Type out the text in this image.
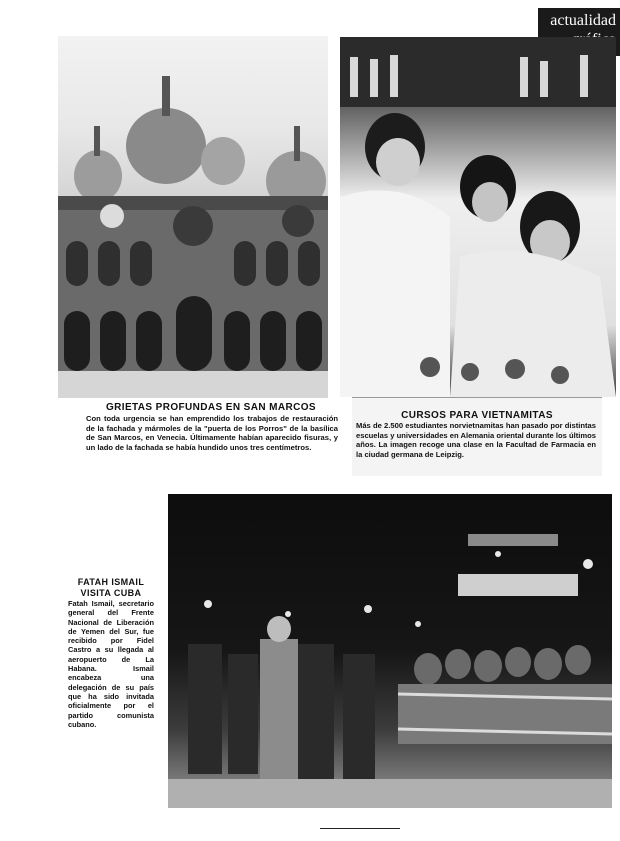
actualidad
GRIETAS PROFUNDAS EN SAN MARCOS
Con toda urgencia se han emprendido los trabajos de restauración de la fachada y mármoles de la "puerta de los Porros" de la basílica de San Marcos, en Venecia. Últimamente habían aparecido fisuras, y un lado de la fachada se había hundido unos tres centímetros.
CURSOS PARA VIETNAMITAS
Más de 2.500 estudiantes norvietnamitas han pasado por distintas escuelas y universidades en Alemania oriental durante los últimos años. La imagen recoge una clase en la Facultad de Farmacia en la ciudad germana de Leipzig.
FATAH ISMAIL VISITA CUBA
Fatah Ismail, secretario general del Frente Nacional de Liberación de Yemen del Sur, fue recibido por Fidel Castro a su llegada al aeropuerto de La Habana. Ismail encabeza una delegación de su país que ha sido invitada oficialmente por el partido comunista cubano.
